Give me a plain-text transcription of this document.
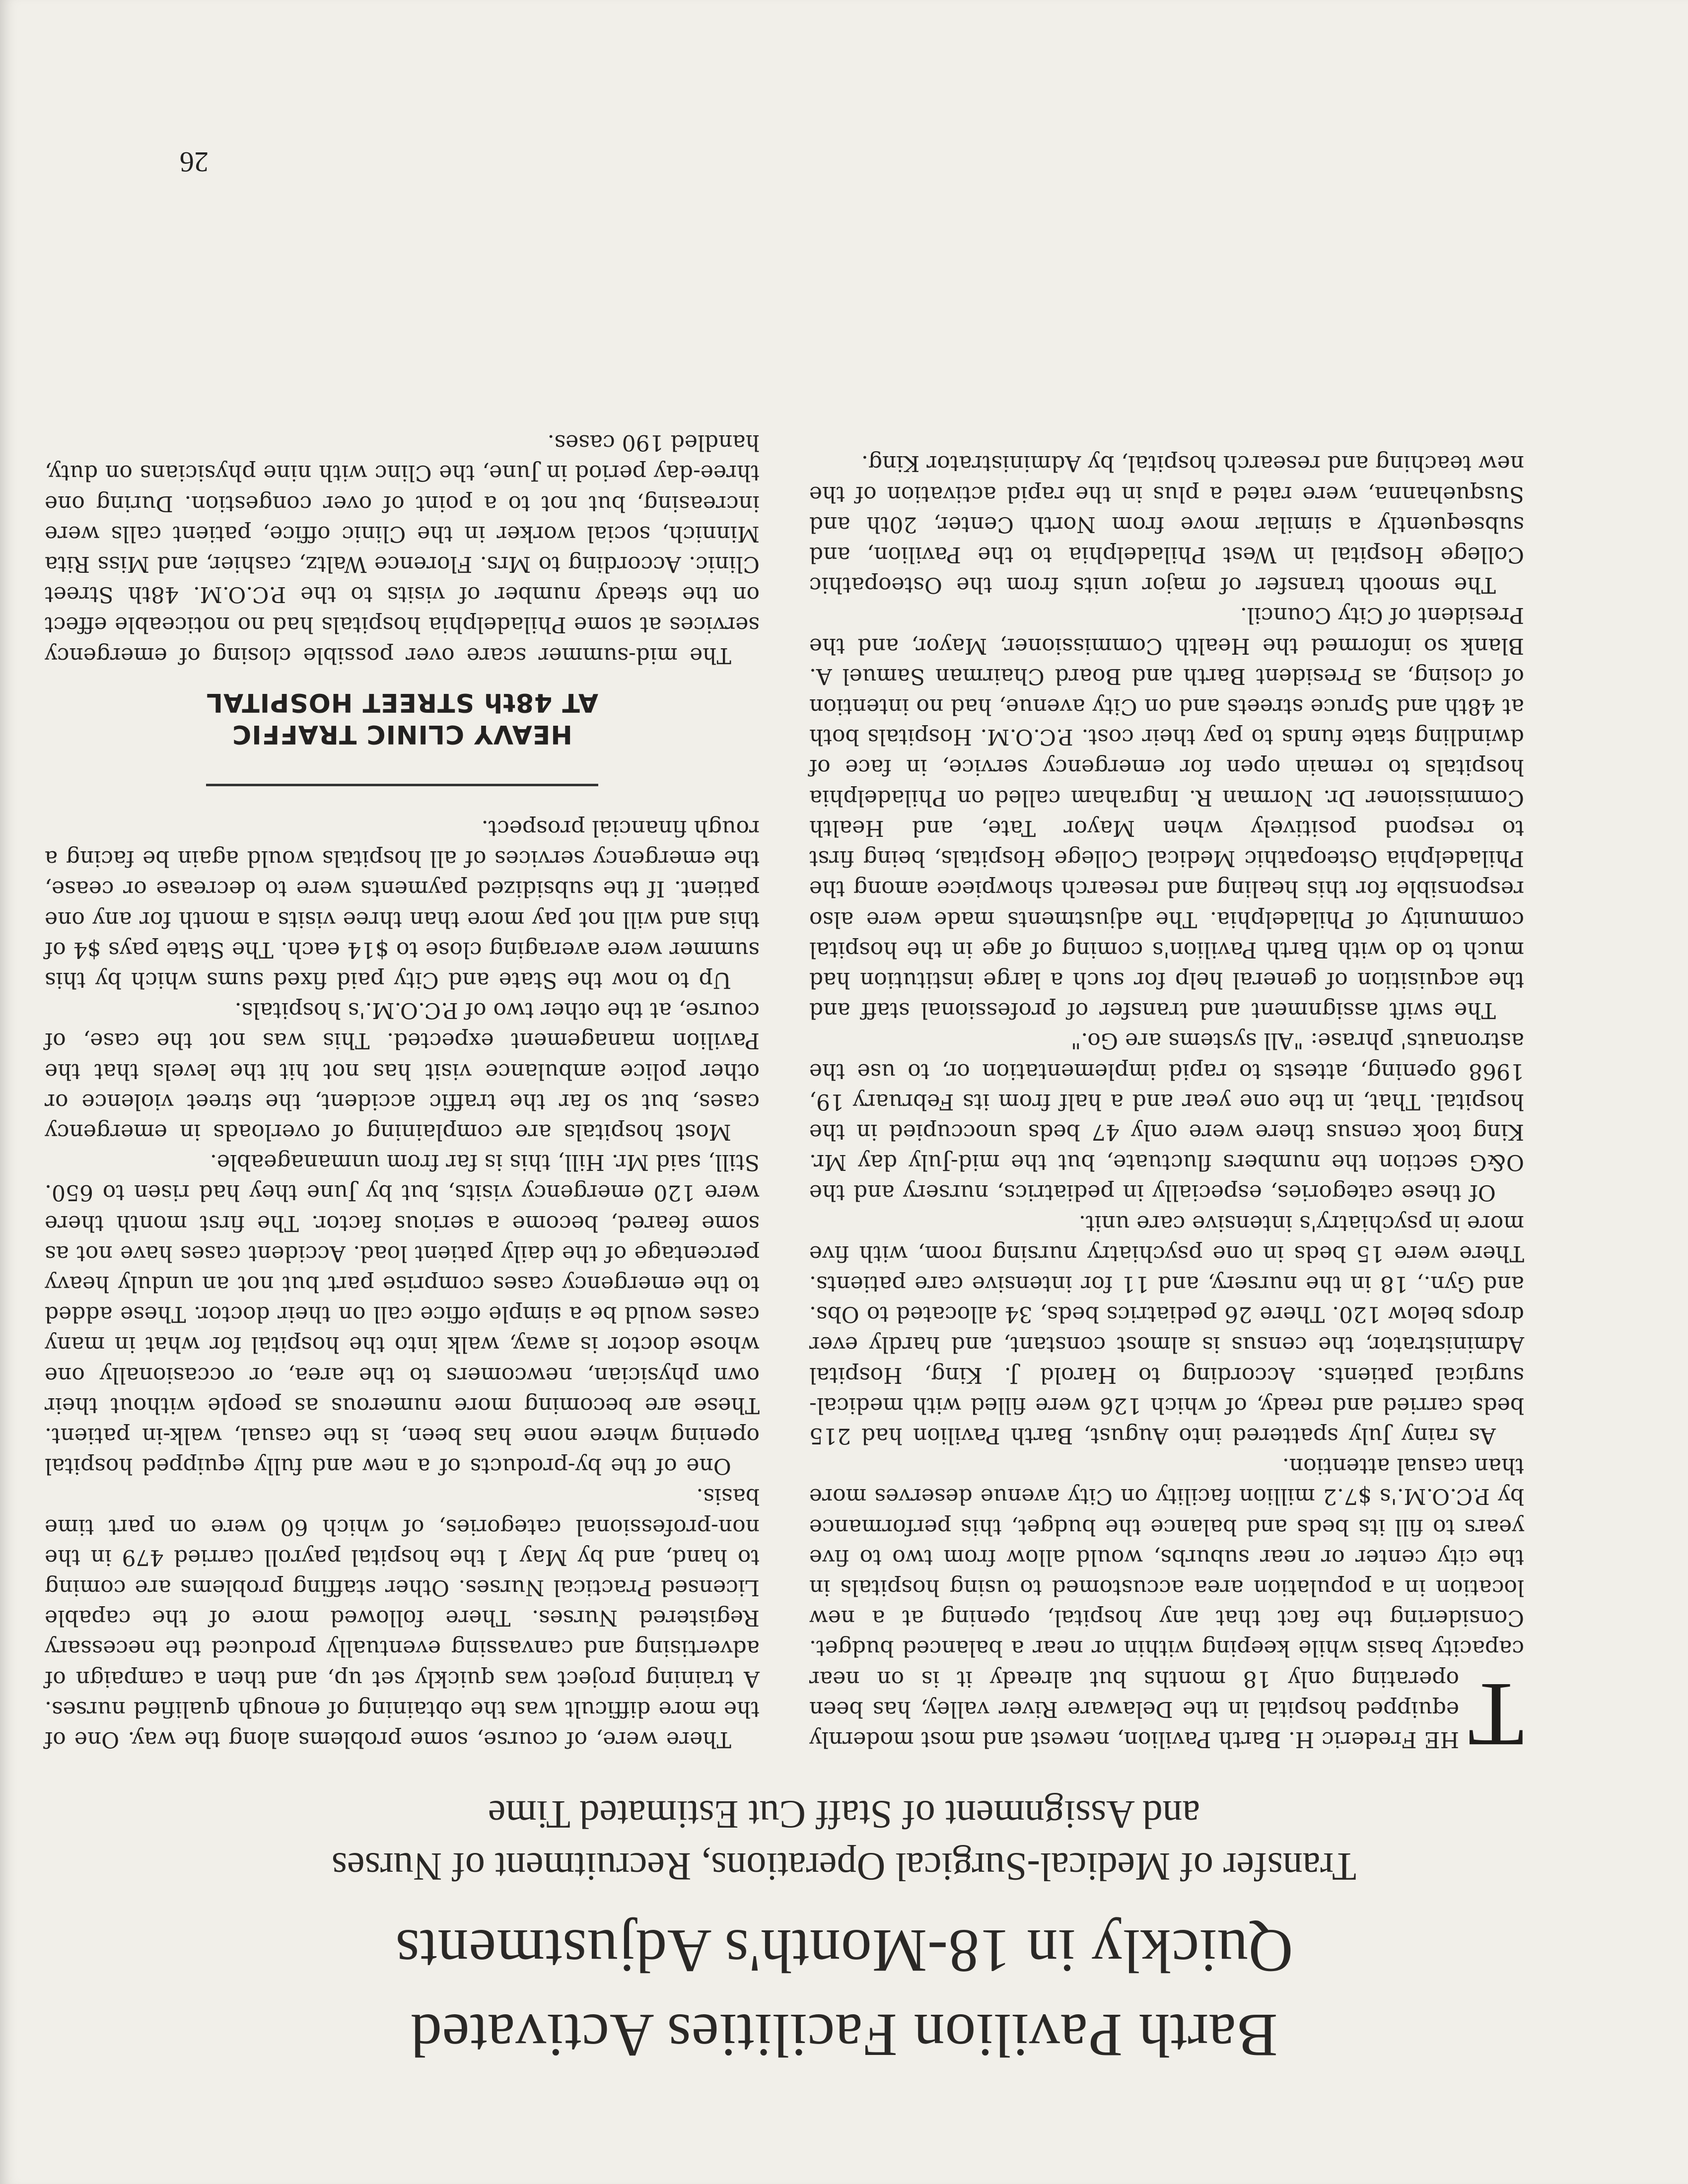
Barth Pavilion Facilities Activated
Quickly in 18-Month's Adjustments
Transfer of Medical-Surgical Operations, Recruitment of Nurses
and Assignment of Staff Cut Estimated Time

T
HE Frederic H. Barth Pavilion, newest and most modernly equipped hospital in the Delaware River valley, has been operating only 18 months but already it is on near capacity basis while keeping within or near a balanced budget. Considering the fact that any hospital, opening at a new location in a population area accustomed to using hospitals in the city center or near suburbs, would allow from two to five years to fill its beds and balance the budget, this performance by P.C.O.M.'s $7.2 million facility on City avenue deserves more than casual attention.

As rainy July spattered into August, Barth Pavilion had 215 beds carried and ready, of which 126 were filled with medical-surgical patients. According to Harold J. King, Hospital Administrator, the census is almost constant, and hardly ever drops below 120. There 26 pediatrics beds, 34 allocated to Obs. and Gyn., 18 in the nursery, and 11 for intensive care patients. There were 15 beds in one psychiatry nursing room, with five more in psychiatry's intensive care unit.

Of these categories, especially in pediatrics, nursery and the O&G section the numbers fluctuate, but the mid-July day Mr. King took census there were only 47 beds unoccupied in the hospital. That, in the one year and a half from its February 19, 1968 opening, attests to rapid implementation or, to use the astronauts' phrase: "All systems are Go."

The swift assignment and transfer of professional staff and the acquisition of general help for such a large institution had much to do with Barth Pavilion's coming of age in the hospital community of Philadelphia. The adjustments made were also responsible for this healing and research showpiece among the Philadelphia Osteopathic Medical College Hospitals, being first to respond positively when Mayor Tate, and Health Commissioner Dr. Norman R. Ingraham called on Philadelphia hospitals to remain open for emergency service, in face of dwindling state funds to pay their cost. P.C.O.M. Hospitals both at 48th and Spruce streets and on City avenue, had no intention of closing, as President Barth and Board Chairman Samuel A. Blank so informed the Health Commissioner, Mayor, and the President of City Council.

The smooth transfer of major units from the Osteopathic College Hospital in West Philadelphia to the Pavilion, and subsequently a similar move from North Center, 20th and Susquehanna, were rated a plus in the rapid activation of the new teaching and research hospital, by Administrator King.

There were, of course, some problems along the way. One of the more difficult was the obtaining of enough qualified nurses. A training project was quickly set up, and then a campaign of advertising and canvassing eventually produced the necessary Registered Nurses. There followed more of the capable Licensed Practical Nurses. Other staffing problems are coming to hand, and by May 1 the hospital payroll carried 479 in the non-professional categories, of which 60 were on part time basis.

One of the by-products of a new and fully equipped hospital opening where none has been, is the casual, walk-in patient. These are becoming more numerous as people without their own physician, newcomers to the area, or occasionally one whose doctor is away, walk into the hospital for what in many cases would be a simple office call on their doctor. These added to the emergency cases comprise part but not an unduly heavy percentage of the daily patient load. Accident cases have not as some feared, become a serious factor. The first month there were 120 emergency visits, but by June they had risen to 650. Still, said Mr. Hill, this is far from unmanageable.

Most hospitals are complaining of overloads in emergency cases, but so far the traffic accident, the street violence or other police ambulance visit has not hit the levels that the Pavilion management expected. This was not the case, of course, at the other two of P.C.O.M.'s hospitals.

Up to now the State and City paid fixed sums which by this summer were averaging close to $14 each. The State pays $4 of this and will not pay more than three visits a month for any one patient. If the subsidized payments were to decrease or cease, the emergency services of all hospitals would again be facing a rough financial prospect.

HEAVY CLINIC TRAFFIC

AT 48th STREET HOSPITAL

The mid-summer scare over possible closing of emergency services at some Philadelphia hospitals had no noticeable effect on the steady number of visits to the P.C.O.M. 48th Street Clinic. According to Mrs. Florence Waltz, cashier, and Miss Rita Minnich, social worker in the Clinic office, patient calls were increasing, but not to a point of over congestion. During one three-day period in June, the Clinc with nine physicians on duty, handled 190 cases.

26
